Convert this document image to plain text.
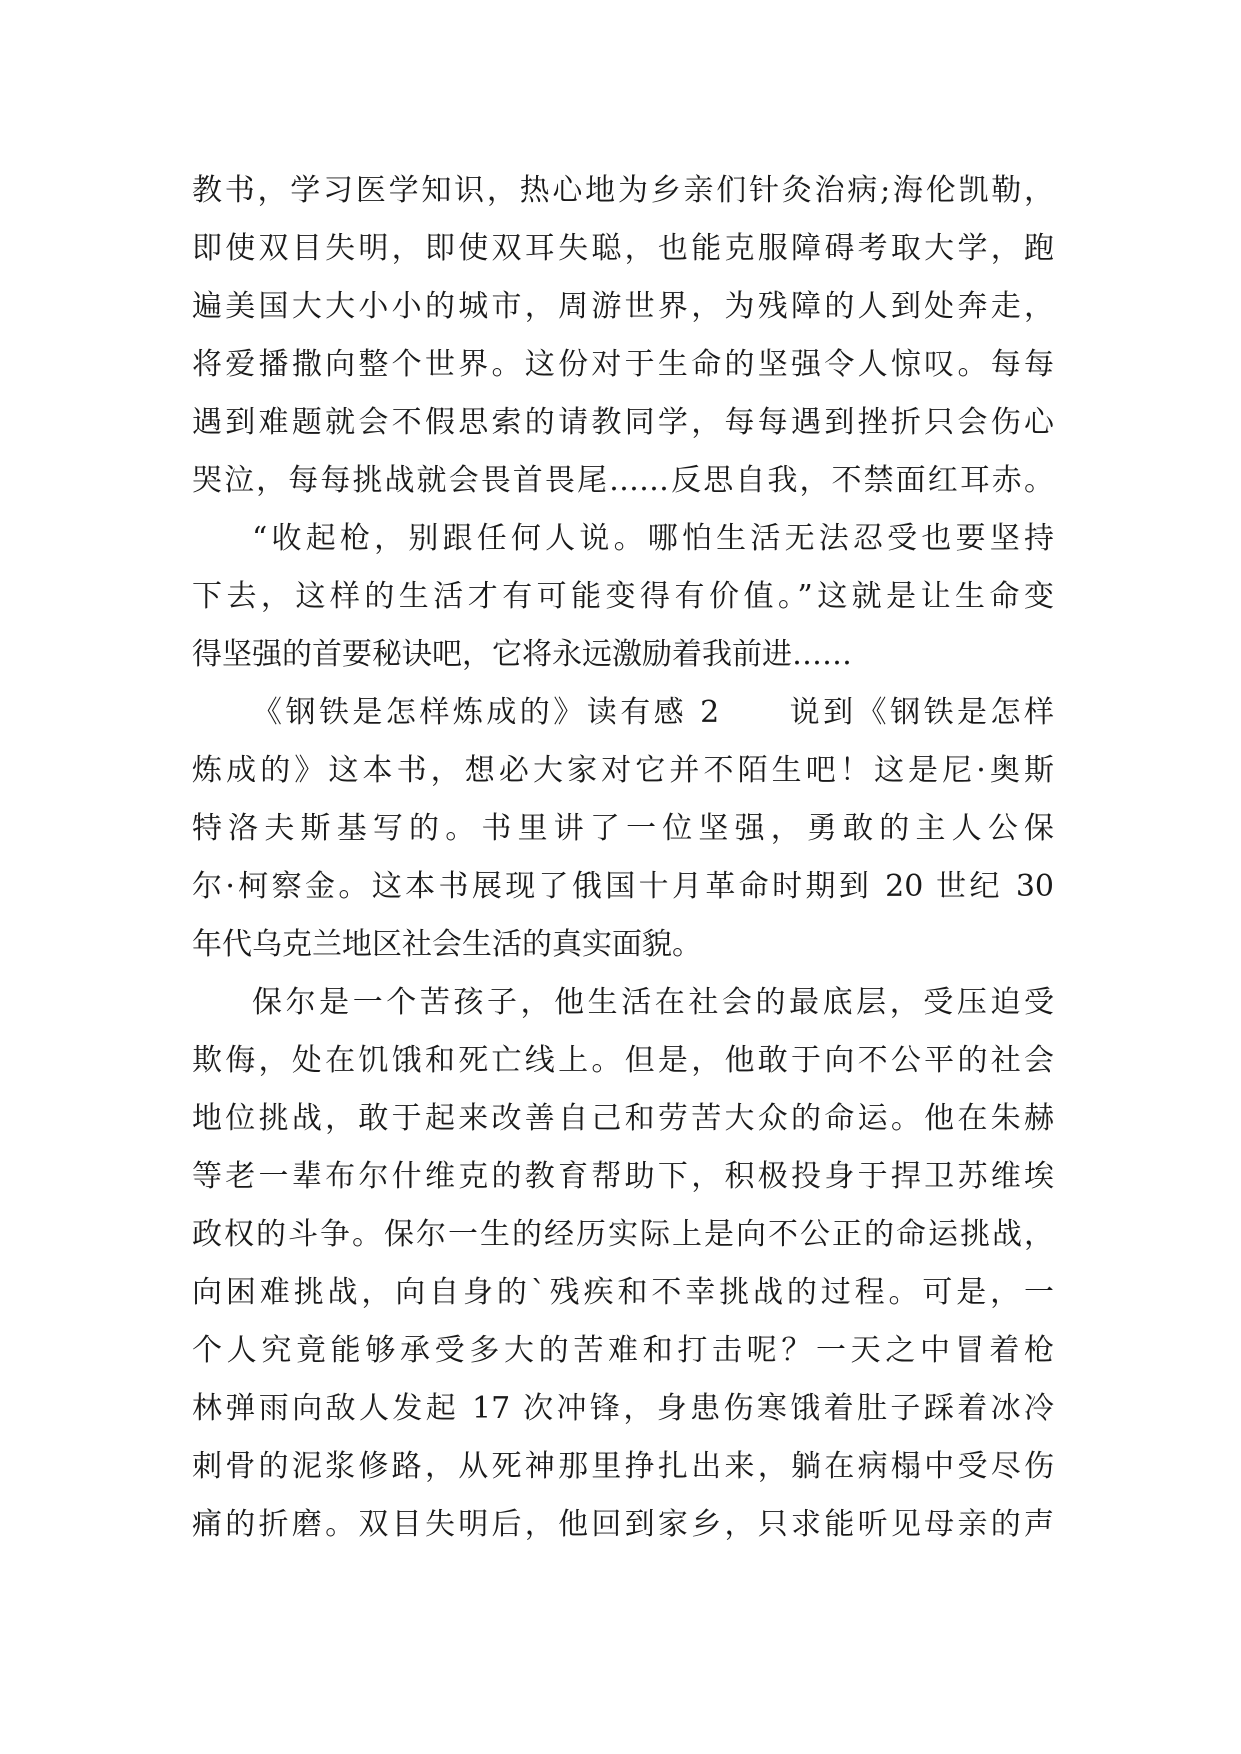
教书，学习医学知识，热心地为乡亲们针灸治病;海伦凯勒，
即使双目失明，即使双耳失聪，也能克服障碍考取大学，跑
遍美国大大小小的城市，周游世界，为残障的人到处奔走，
将爱播撒向整个世界。这份对于生命的坚强令人惊叹。每每
遇到难题就会不假思索的请教同学，每每遇到挫折只会伤心
哭泣，每每挑战就会畏首畏尾……反思自我，不禁面红耳赤。
“收起枪，别跟任何人说。哪怕生活无法忍受也要坚持
下去，这样的生活才有可能变得有价值。”这就是让生命变
得坚强的首要秘诀吧，它将永远激励着我前进……
《钢铁是怎样炼成的》读有感 2　　说到《钢铁是怎样
炼成的》这本书，想必大家对它并不陌生吧！这是尼·奥斯
特洛夫斯基写的。书里讲了一位坚强，勇敢的主人公保
尔·柯察金。这本书展现了俄国十月革命时期到 20 世纪 30
年代乌克兰地区社会生活的真实面貌。
保尔是一个苦孩子，他生活在社会的最底层，受压迫受
欺侮，处在饥饿和死亡线上。但是，他敢于向不公平的社会
地位挑战，敢于起来改善自己和劳苦大众的命运。他在朱赫
等老一辈布尔什维克的教育帮助下，积极投身于捍卫苏维埃
政权的斗争。保尔一生的经历实际上是向不公正的命运挑战，
向困难挑战，向自身的`残疾和不幸挑战的过程。可是，一
个人究竟能够承受多大的苦难和打击呢？一天之中冒着枪
林弹雨向敌人发起 17 次冲锋，身患伤寒饿着肚子踩着冰冷
刺骨的泥浆修路，从死神那里挣扎出来，躺在病榻中受尽伤
痛的折磨。双目失明后，他回到家乡，只求能听见母亲的声
